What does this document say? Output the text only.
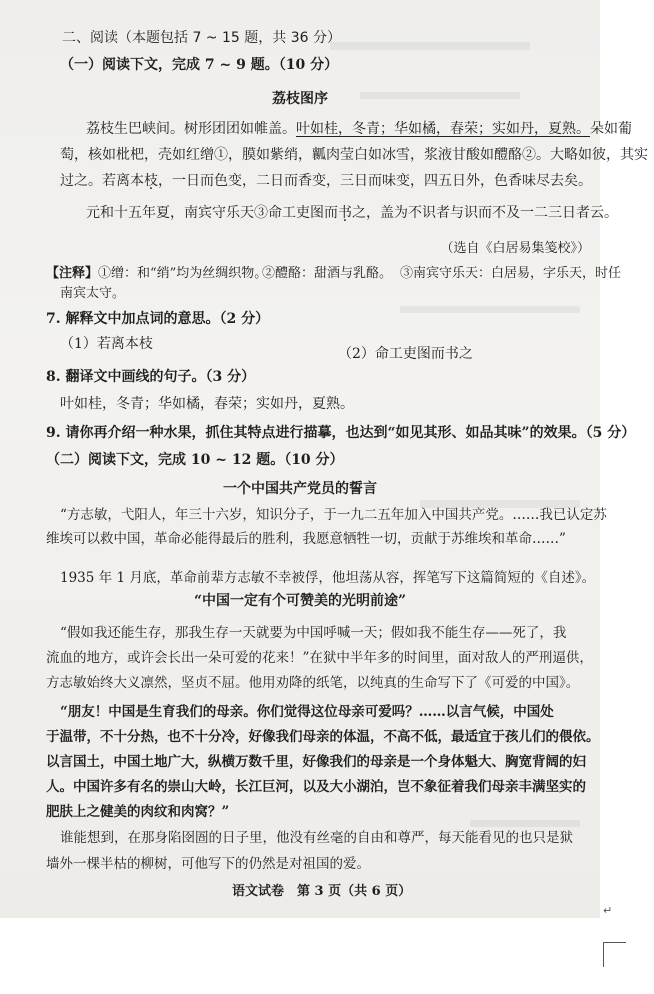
二、阅读（本题包括 7 ~ 15 题，共 36 分）
（一）阅读下文，完成 7 ~ 9 题。（10 分）
荔枝图序
荔枝生巴峡间。树形团团如帷盖。叶如桂，冬青；华如橘，春荣；实如丹，夏熟。朵如葡
萄，核如枇杷，壳如红缯①，膜如紫绡，瓤肉莹白如冰雪，浆液甘酸如醴酪②。大略如彼，其实
过之。若离本枝，一日而色变，二日而香变，三日而味变，四五日外，色香味尽去矣。
元和十五年夏，南宾守乐天③命工吏图而书之，盖为不识者与识而不及一二三日者云。
（选自《白居易集笺校》）
【注释】①缯：和“绡”均为丝绸织物。
②醴酪：甜酒与乳酪。 ③南宾守乐天：白居易，字乐天，时任
南宾太守。
7. 解释文中加点词的意思。（2 分）
（1）若离本枝
（2）命工吏图而书之
8. 翻译文中画线的句子。（3 分）
叶如桂，冬青；华如橘，春荣；实如丹，夏熟。
9. 请你再介绍一种水果，抓住其特点进行描摹，也达到“如见其形、如品其味”的效果。（5 分）
（二）阅读下文，完成 10 ~ 12 题。（10 分）
一个中国共产党员的誓言
“方志敏，弋阳人，年三十六岁，知识分子，于一九二五年加入中国共产党。……我已认定苏
维埃可以救中国，革命必能得最后的胜利，我愿意牺牲一切，贡献于苏维埃和革命……”
1935 年 1 月底，革命前辈方志敏不幸被俘，他坦荡从容，挥笔写下这篇简短的《自述》。
“中国一定有个可赞美的光明前途”
“假如我还能生存，那我生存一天就要为中国呼喊一天；假如我不能生存——死了，我
流血的地方，或许会长出一朵可爱的花来！”在狱中半年多的时间里，面对敌人的严刑逼供，
方志敏始终大义凛然，坚贞不屈。他用劝降的纸笔，以纯真的生命写下了《可爱的中国》。
“朋友！中国是生育我们的母亲。你们觉得这位母亲可爱吗？……以言气候，中国处
于温带，不十分热，也不十分冷，好像我们母亲的体温，不高不低，最适宜于孩儿们的偎依。
以言国土，中国土地广大，纵横万数千里，好像我们的母亲是一个身体魁大、胸宽背阔的妇
人。中国许多有名的崇山大岭，长江巨河，以及大小湖泊，岂不象征着我们母亲丰满坚实的
肥肤上之健美的肉纹和肉窝？”
谁能想到，在那身陷囹圄的日子里，他没有丝毫的自由和尊严，每天能看见的也只是狱
墙外一棵半枯的柳树，可他写下的仍然是对祖国的爱。
语文试卷　第 3 页（共 6 页）
↵
